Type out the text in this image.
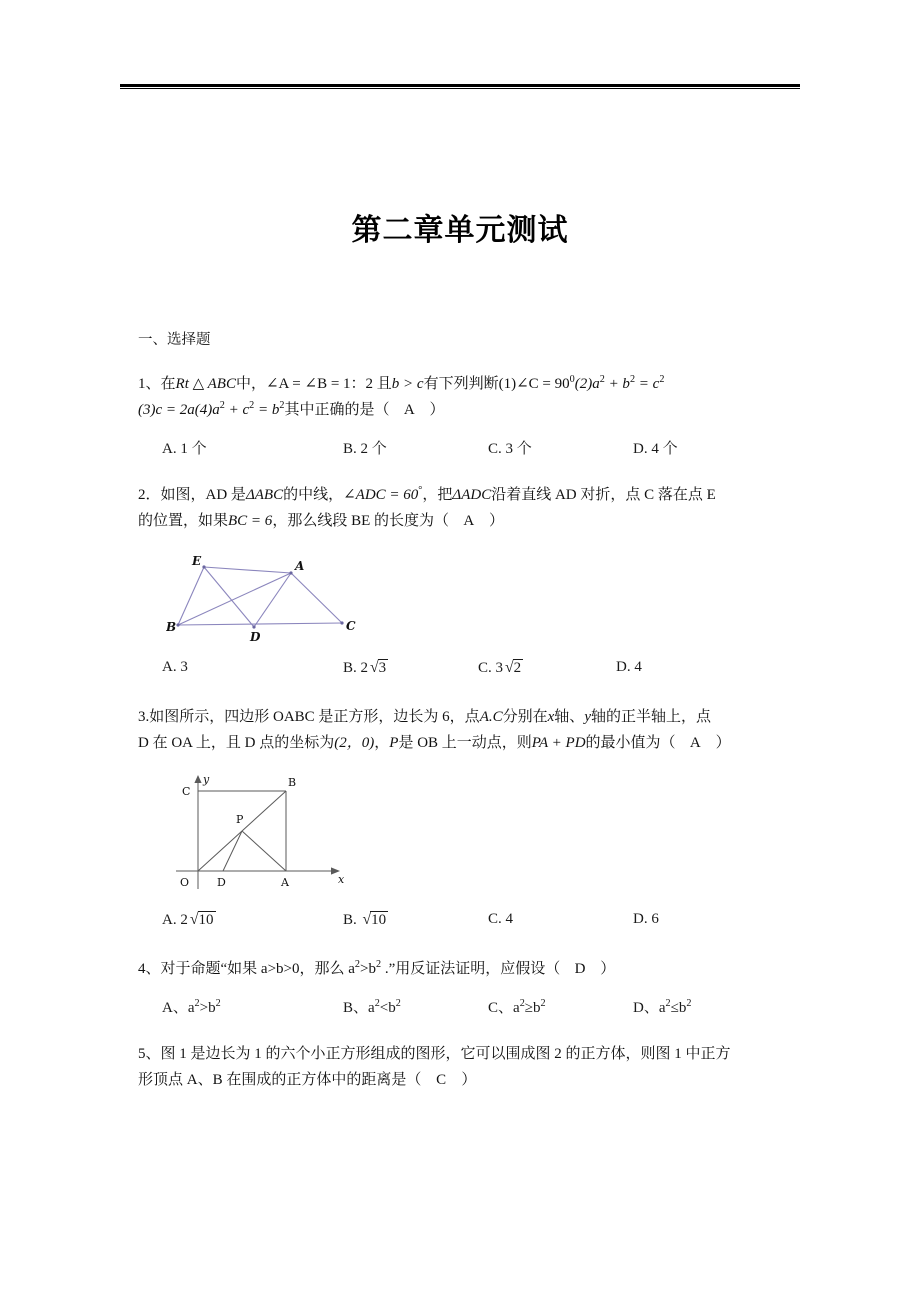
第二章单元测试
一、选择题
1、在Rt △ ABC中，∠A = ∠B = 1：2 且b > c有下列判断(1)∠C = $90^0(2)a^2 + b^2 = c^2$
$(3)c = 2a(4)a^2 + c^2 = b^2$其中正确的是（ A ）
A. 1 个	B. 2 个	C. 3 个	D. 4 个
2．如图，AD 是ΔABC的中线，∠ADC = 60°，把ΔADC沿着直线 AD 对折，点 C 落在点 E
的位置，如果BC = 6，那么线段 BE 的长度为（ A ）
E	A
B
D
C
A. 3	B. 2 √3	C. 3 √2	D. 4
3.如图所示，四边形 OABC 是正方形，边长为 6，点A.C分别在x轴、y轴的正半轴上，点
D 在 OA 上，且 D 点的坐标为(2，0)，P是 OB 上一动点，则PA + PD的最小值为（ A ）
y
x
O	D	A
B
C
P
A. 2 √10	B. √10	C. 4	D. 6
4、对于命题“如果 a>b>0，那么 $a^2>b^2$ .”用反证法证明，应假设（ D ）
A、$a^2>b^2$	B、$a^2<b^2$	C、$a^2\ge b^2$	D、$a^2\le b^2$
5、图 1 是边长为 1 的六个小正方形组成的图形，它可以围成图 2 的正方体，则图 1 中正方
形顶点 A、B 在围成的正方体中的距离是（ C ）
